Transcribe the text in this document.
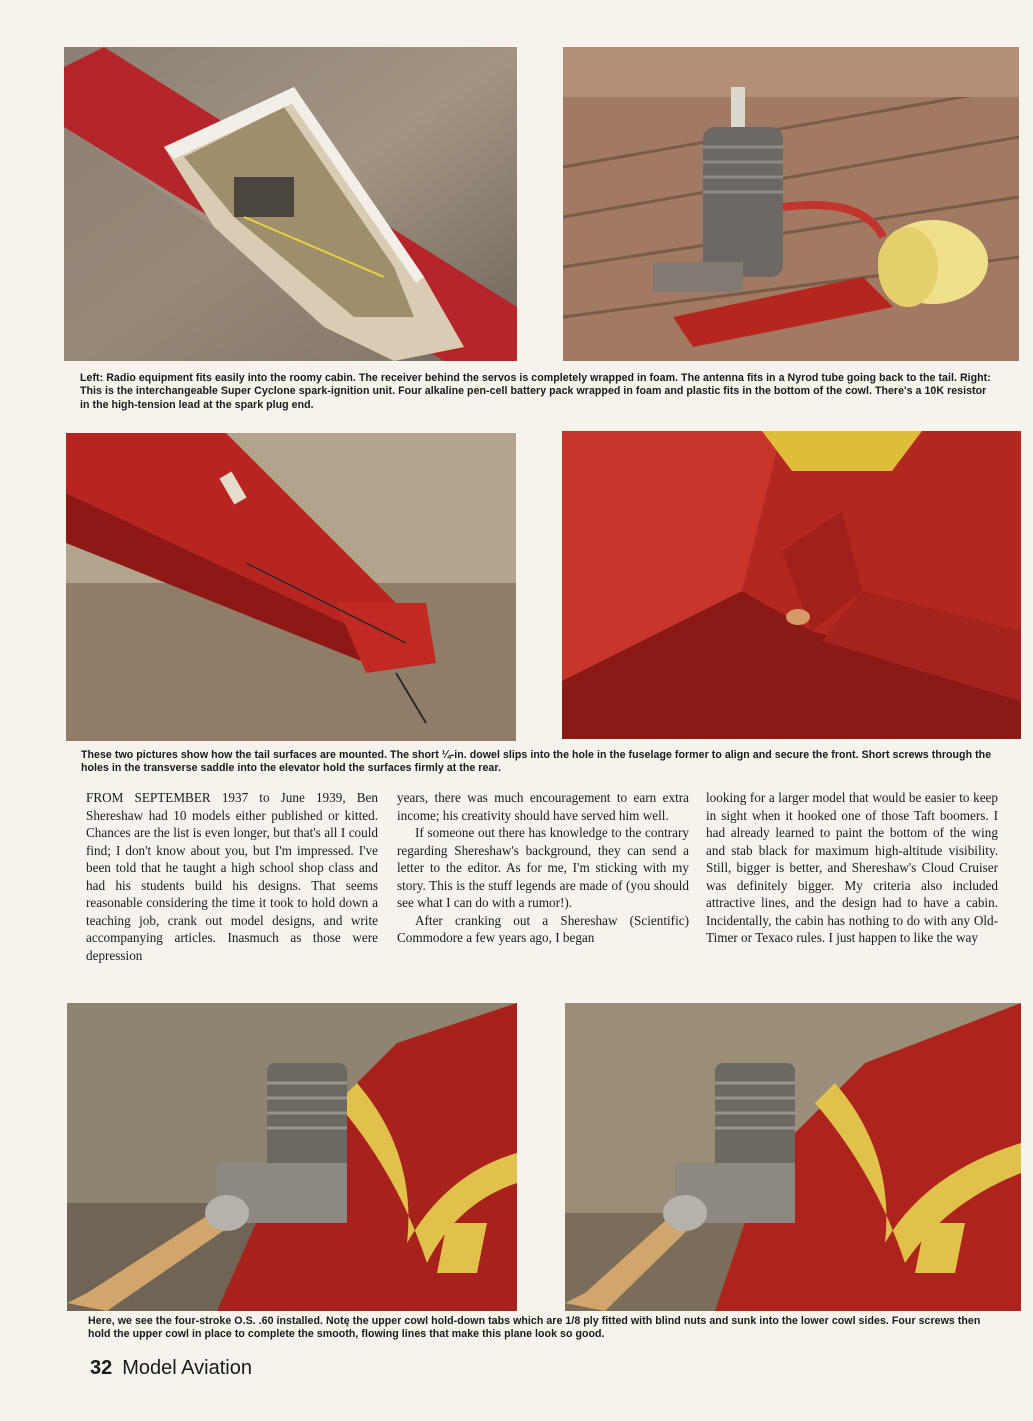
Left: Radio equipment fits easily into the roomy cabin. The receiver behind the servos is completely wrapped in foam. The antenna fits in a Nyrod tube going back to the tail. Right: This is the interchangeable Super Cyclone spark-ignition unit. Four alkaline pen-cell battery pack wrapped in foam and plastic fits in the bottom of the cowl. There's a 10K resistor in the high-tension lead at the spark plug end.

These two pictures show how the tail surfaces are mounted. The short ¼-in. dowel slips into the hole in the fuselage former to align and secure the front. Short screws through the holes in the transverse saddle into the elevator hold the surfaces firmly at the rear.

FROM SEPTEMBER 1937 to June 1939, Ben Shereshaw had 10 models either published or kitted. Chances are the list is even longer, but that's all I could find; I don't know about you, but I'm impressed. I've been told that he taught a high school shop class and had his students build his designs. That seems reasonable considering the time it took to hold down a teaching job, crank out model designs, and write accompanying articles. Inasmuch as those were depression

years, there was much encouragement to earn extra income; his creativity should have served him well.

If someone out there has knowledge to the contrary regarding Shereshaw's background, they can send a letter to the editor. As for me, I'm sticking with my story. This is the stuff legends are made of (you should see what I can do with a rumor!).

After cranking out a Shereshaw (Scientific) Commodore a few years ago, I began

looking for a larger model that would be easier to keep in sight when it hooked one of those Taft boomers. I had already learned to paint the bottom of the wing and stab black for maximum high-altitude visibility. Still, bigger is better, and Shereshaw's Cloud Cruiser was definitely bigger. My criteria also included attractive lines, and the design had to have a cabin. Incidentally, the cabin has nothing to do with any Old-Timer or Texaco rules. I just happen to like the way

Here, we see the four-stroke O.S. .60 installed. Notę the upper cowl hold-down tabs which are 1/8 ply fitted with blind nuts and sunk into the lower cowl sides. Four screws then hold the upper cowl in place to complete the smooth, flowing lines that make this plane look so good.

32 Model Aviation
